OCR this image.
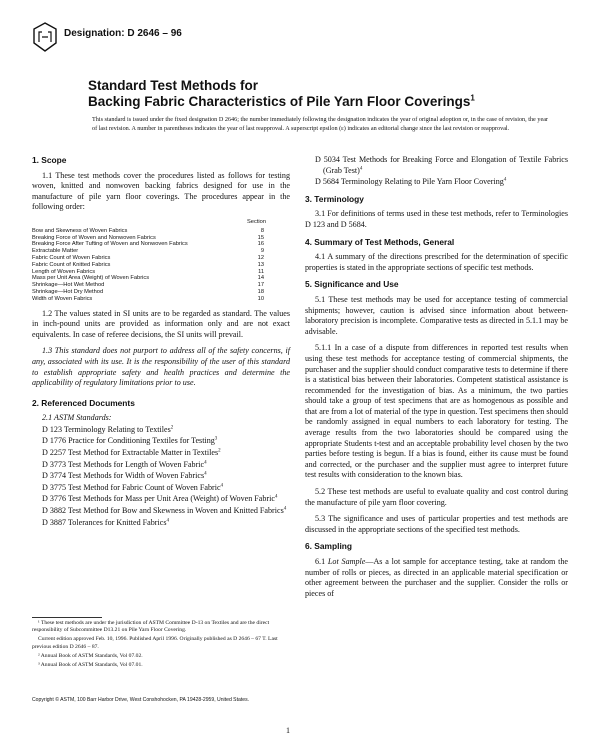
Designation: D 2646 – 96
Standard Test Methods for
Backing Fabric Characteristics of Pile Yarn Floor Coverings$^1$
This standard is issued under the fixed designation D 2646; the number immediately following the designation indicates the year of original adoption or, in the case of revision, the year of last revision. A number in parentheses indicates the year of last reapproval. A superscript epsilon (ε) indicates an editorial change since the last revision or reapproval.
1. Scope

1.1 These test methods cover the procedures listed as follows for testing woven, knitted and nonwoven backing fabrics designed for use in the manufacture of pile yarn floor coverings. The procedures appear in the following order:

Section
Bow and Skewness of Woven Fabrics	8
Breaking Force of Woven and Nonwoven Fabrics	15
Breaking Force After Tufting of Woven and Nonwoven Fabrics	16
Extractable Matter	9
Fabric Count of Woven Fabrics	12
Fabric Count of Knitted Fabrics	13
Length of Woven Fabrics	11
Mass per Unit Area (Weight) of Woven Fabrics	14
Shrinkage—Hot Wet Method	17
Shrinkage—Hot Dry Method	18
Width of Woven Fabrics	10

1.2 The values stated in SI units are to be regarded as standard. The values in inch-pound units are provided as information only and are not exact equivalents. In case of referee decisions, the SI units will prevail.

1.3 This standard does not purport to address all of the safety concerns, if any, associated with its use. It is the responsibility of the user of this standard to establish appropriate safety and health practices and determine the applicability of regulatory limitations prior to use.

2. Referenced Documents

2.1 ASTM Standards:

D 123 Terminology Relating to Textiles$^2$
D 1776 Practice for Conditioning Textiles for Testing$^3$
D 2257 Test Method for Extractable Matter in Textiles$^2$
D 3773 Test Methods for Length of Woven Fabric$^4$
D 3774 Test Methods for Width of Woven Fabrics$^4$
D 3775 Test Method for Fabric Count of Woven Fabric$^4$
D 3776 Test Methods for Mass per Unit Area (Weight) of Woven Fabric$^4$
D 3882 Test Method for Bow and Skewness in Woven and Knitted Fabrics$^4$
D 3887 Tolerances for Knitted Fabrics$^4$

¹ These test methods are under the jurisdiction of ASTM Committee D-13 on Textiles and are the direct responsibility of Subcommittee D13.21 on Pile Yarn Floor Covering.

Current edition approved Feb. 10, 1996. Published April 1996. Originally published as D 2646 – 67 T. Last previous edition D 2646 – 87.

² Annual Book of ASTM Standards, Vol 07.02.

³ Annual Book of ASTM Standards, Vol 07.01.

D 5034 Test Methods for Breaking Force and Elongation of Textile Fabrics (Grab Test)$^4$
D 5684 Terminology Relating to Pile Yarn Floor Covering$^4$
3. Terminology

3.1 For definitions of terms used in these test methods, refer to Terminologies D 123 and D 5684.

4. Summary of Test Methods, General

4.1 A summary of the directions prescribed for the determination of specific properties is stated in the appropriate sections of specific test methods.

5. Significance and Use

5.1 These test methods may be used for acceptance testing of commercial shipments; however, caution is advised since information about between-laboratory precision is incomplete. Comparative tests as directed in 5.1.1 may be advisable.

5.1.1 In a case of a dispute from differences in reported test results when using these test methods for acceptance testing of commercial shipments, the purchaser and the supplier should conduct comparative tests to determine if there is a statistical bias between their laboratories. Competent statistical assistance is recommended for the investigation of bias. As a minimum, the two parties should take a group of test specimens that are as homogenous as possible and that are from a lot of material of the type in question. Test specimens then should be randomly assigned in equal numbers to each laboratory for testing. The average results from the two laboratories should be compared using the appropriate Students t-test and an acceptable probability level chosen by the two parties before testing is begun. If a bias is found, either its cause must be found and corrected, or the purchaser and the supplier must agree to interpret future test results with consideration to the known bias.

5.2 These test methods are useful to evaluate quality and cost control during the manufacture of pile yarn floor covering.

5.3 The significance and uses of particular properties and test methods are discussed in the appropriate sections of the specified test methods.

6. Sampling

6.1 Lot Sample—As a lot sample for acceptance testing, take at random the number of rolls or pieces, as directed in an applicable material specification or other agreement between the purchaser and the supplier. Consider the rolls or pieces of

Copyright © ASTM, 100 Barr Harbor Drive, West Conshohocken, PA 19428-2959, United States.
1
